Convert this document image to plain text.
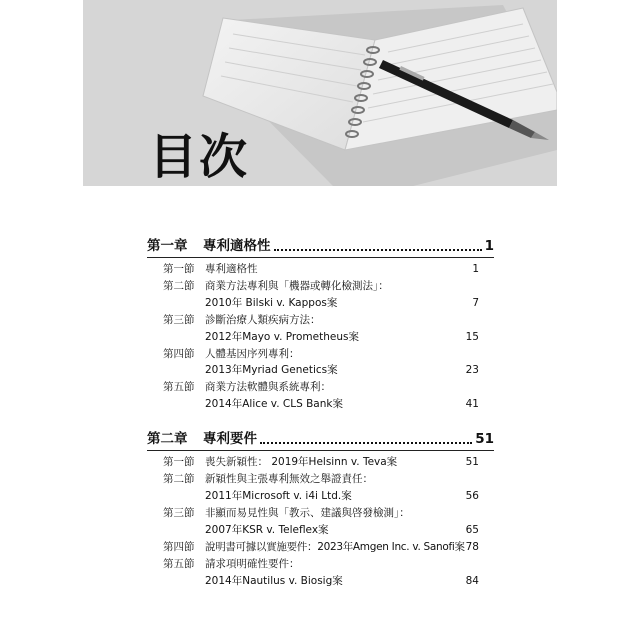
目次
第一章	專利適格性	1
第一節 專利適格性	1
第二節 商業方法專利與「機器或轉化檢測法」：
2010年 Bilski v. Kappos案	7
第三節 診斷治療人類疾病方法：
2012年Mayo v. Prometheus案	15
第四節 人體基因序列專利：
2013年Myriad Genetics案	23
第五節 商業方法軟體與系統專利：
2014年Alice v. CLS Bank案	41
第二章	專利要件	51
第一節 喪失新穎性： 2019年Helsinn v. Teva案	51
第二節 新穎性與主張專利無效之舉證責任：
2011年Microsoft v. i4i Ltd.案	56
第三節 非顯而易見性與「教示、建議與啓發檢測」：
2007年KSR v. Teleflex案	65
第四節 說明書可據以實施要件：2023年Amgen Inc. v. Sanofi案 78
第五節 請求項明確性要件：
2014年Nautilus v. Biosig案	84
